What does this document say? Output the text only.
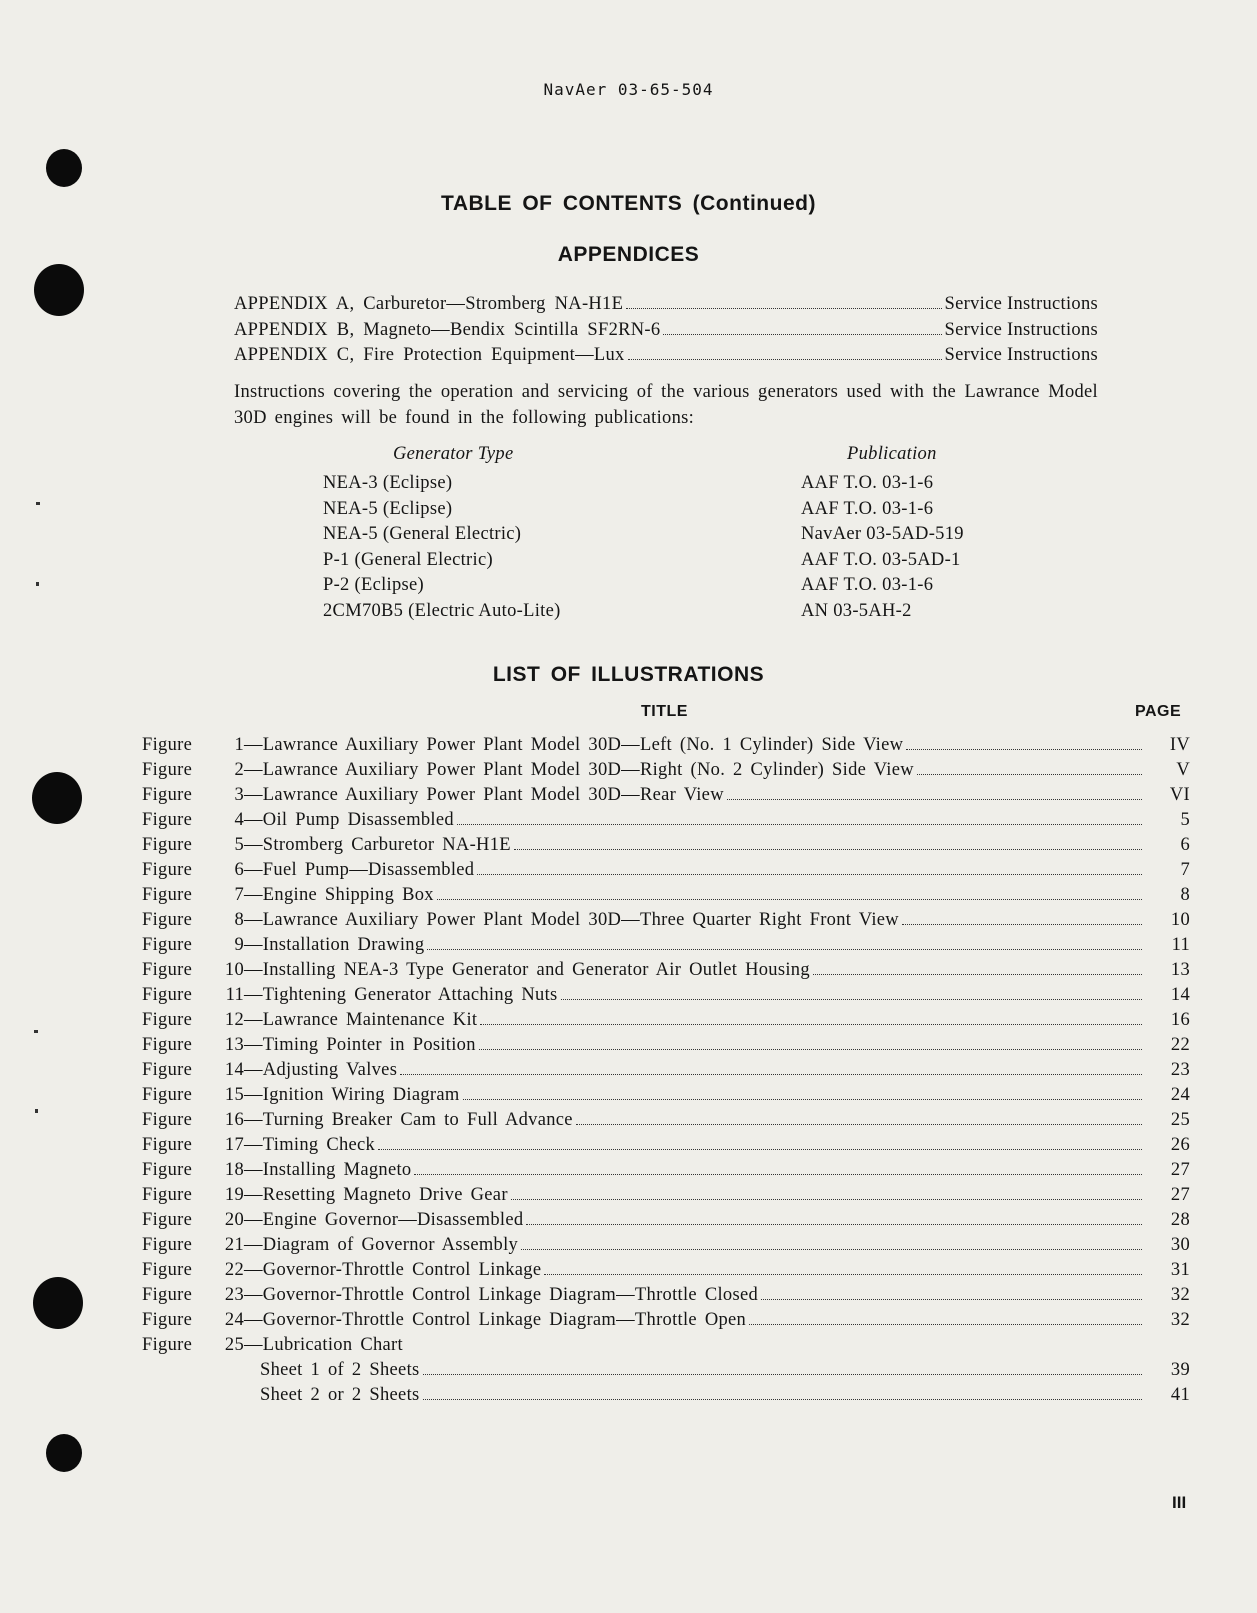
NavAer 03-65-504
TABLE OF CONTENTS (Continued)
APPENDICES
APPENDIX A, Carburetor—Stromberg NA-H1E	Service Instructions
APPENDIX B, Magneto—Bendix Scintilla SF2RN-6	Service Instructions
APPENDIX C, Fire Protection Equipment—Lux	Service Instructions
Instructions covering the operation and servicing of the various generators used with the Lawrance Model 30D engines will be found in the following publications:
Generator Type	Publication
NEA-3 (Eclipse)	AAF T.O. 03-1-6
NEA-5 (Eclipse)	AAF T.O. 03-1-6
NEA-5 (General Electric)	NavAer 03-5AD-519
P-1 (General Electric)	AAF T.O. 03-5AD-1
P-2 (Eclipse)	AAF T.O. 03-1-6
2CM70B5 (Electric Auto-Lite)	AN 03-5AH-2
LIST OF ILLUSTRATIONS
TITLE	PAGE
Figure	1 —Lawrance Auxiliary Power Plant Model 30D—Left (No. 1 Cylinder) Side View	IV
Figure	2 —Lawrance Auxiliary Power Plant Model 30D—Right (No. 2 Cylinder) Side View	V
Figure	3 —Lawrance Auxiliary Power Plant Model 30D—Rear View	VI
Figure	4 —Oil Pump Disassembled	5
Figure	5 —Stromberg Carburetor NA-H1E	6
Figure	6 —Fuel Pump—Disassembled	7
Figure	7 —Engine Shipping Box	8
Figure	8 —Lawrance Auxiliary Power Plant Model 30D—Three Quarter Right Front View	10
Figure	9 —Installation Drawing	11
Figure	10 —Installing NEA-3 Type Generator and Generator Air Outlet Housing	13
Figure	11 —Tightening Generator Attaching Nuts	14
Figure	12 —Lawrance Maintenance Kit	16
Figure	13 —Timing Pointer in Position	22
Figure	14 —Adjusting Valves	23
Figure	15 —Ignition Wiring Diagram	24
Figure	16 —Turning Breaker Cam to Full Advance	25
Figure	17 —Timing Check	26
Figure	18 —Installing Magneto	27
Figure	19 —Resetting Magneto Drive Gear	27
Figure	20 —Engine Governor—Disassembled	28
Figure	21 —Diagram of Governor Assembly	30
Figure	22 —Governor-Throttle Control Linkage	31
Figure	23 —Governor-Throttle Control Linkage Diagram—Throttle Closed	32
Figure	24 —Governor-Throttle Control Linkage Diagram—Throttle Open	32
Figure	25 —Lubrication Chart
Sheet 1 of 2 Sheets	39
Sheet 2 or 2 Sheets	41
III
